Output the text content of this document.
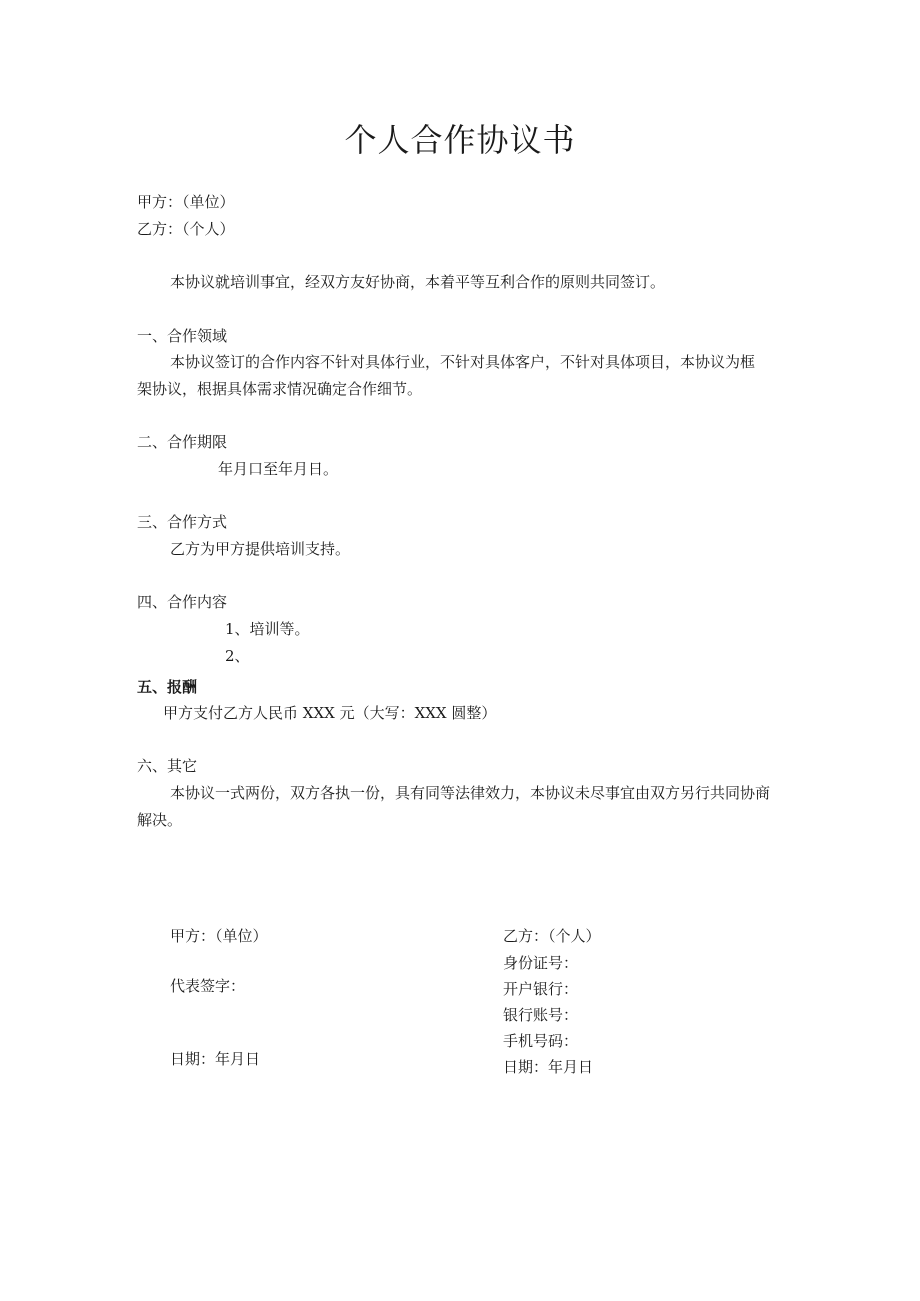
个人合作协议书
甲方：（单位）
乙方：（个人）
本协议就培训事宜，经双方友好协商，本着平等互利合作的原则共同签订。
一、合作领域
本协议签订的合作内容不针对具体行业，不针对具体客户，不针对具体项目，本协议为框
架协议，根据具体需求情况确定合作细节。
二、合作期限
年月口至年月日。
三、合作方式
乙方为甲方提供培训支持。
四、合作内容
1、培训等。
2、
五、报酬
甲方支付乙方人民币 XXX 元（大写：XXX 圆整）
六、其它
本协议一式两份，双方各执一份，具有同等法律效力，本协议未尽事宜由双方另行共同协商
解决。
甲方：（单位）
代表签字：
日期：年月日
乙方：（个人）
身份证号：
开户银行：
银行账号：
手机号码：
日期：年月日
